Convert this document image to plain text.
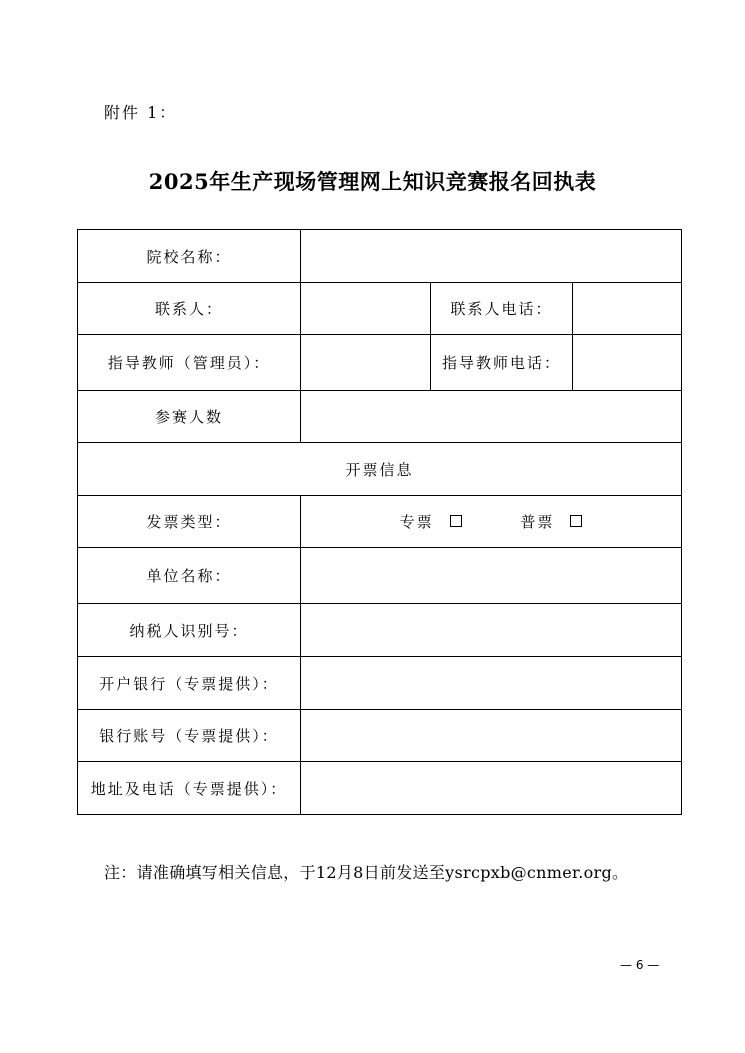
附件 1：
2025年生产现场管理网上知识竞赛报名回执表
院校名称：			
联系人：		联系人电话：	
指导教师（管理员）：		指导教师电话：	
参赛人数			
开票信息			
发票类型：	专票 普票		
单位名称：			
纳税人识别号：			
开户银行（专票提供）：			
银行账号（专票提供）：			
地址及电话（专票提供）：			
注：请准确填写相关信息，于12月8日前发送至ysrcpxb@cnmer.org。
— 6 —
